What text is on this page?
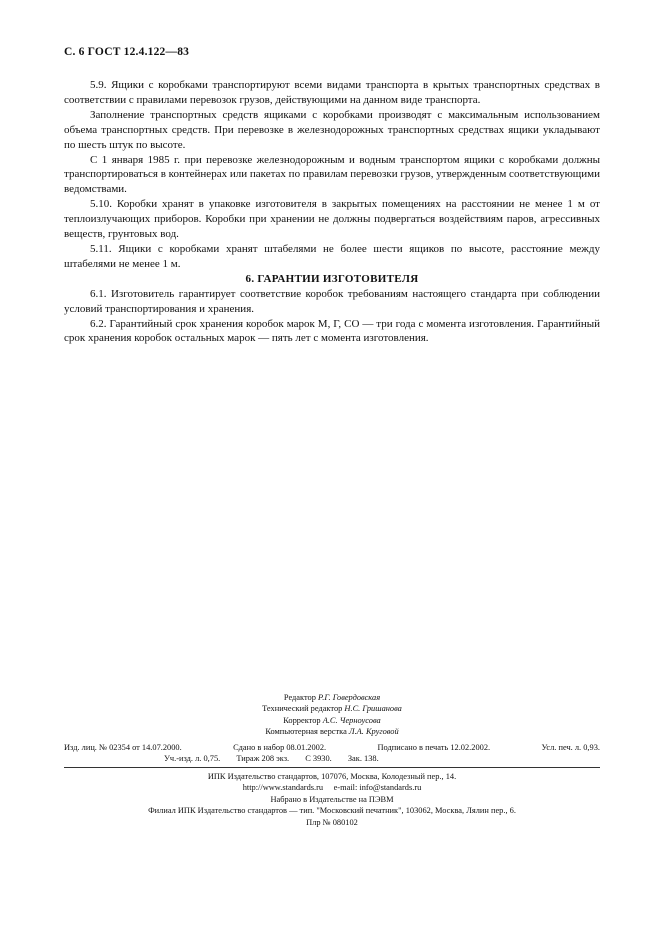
С. 6 ГОСТ 12.4.122—83

5.9. Ящики с коробками транспортируют всеми видами транспорта в крытых транспортных средствах в соответствии с правилами перевозок грузов, действующими на данном виде транспорта.

Заполнение транспортных средств ящиками с коробками производят с максимальным использованием объема транспортных средств. При перевозке в железнодорожных транспортных средствах ящики укладывают по шесть штук по высоте.

С 1 января 1985 г. при перевозке железнодорожным и водным транспортом ящики с коробками должны транспортироваться в контейнерах или пакетах по правилам перевозки грузов, утвержденным соответствующими ведомствами.

5.10. Коробки хранят в упаковке изготовителя в закрытых помещениях на расстоянии не менее 1 м от теплоизлучающих приборов. Коробки при хранении не должны подвергаться воздействиям паров, агрессивных веществ, грунтовых вод.

5.11. Ящики с коробками хранят штабелями не более шести ящиков по высоте, расстояние между штабелями не менее 1 м.

6. ГАРАНТИИ ИЗГОТОВИТЕЛЯ

6.1. Изготовитель гарантирует соответствие коробок требованиям настоящего стандарта при соблюдении условий транспортирования и хранения.

6.2. Гарантийный срок хранения коробок марок М, Г, СО — три года с момента изготовления. Гарантийный срок хранения коробок остальных марок — пять лет с момента изготовления.

Редактор Р.Г. Говердовская
Технический редактор Н.С. Гришанова
Корректор А.С. Черноусова
Компьютерная верстка Л.А. Круговой
Изд. лиц. № 02354 от 14.07.2000.	Сдано в набор 08.01.2002.	Подписано в печать 12.02.2002.	Усл. печ. л. 0,93.
Уч.-изд. л. 0,75. Тираж 208 экз. С 3930. Зак. 138.
ИПК Издательство стандартов, 107076, Москва, Колодезный пер., 14.
http://www.standards.ru     e-mail: info@standards.ru
Набрано в Издательстве на ПЭВМ
Филиал ИПК Издательство стандартов — тип. "Московский печатник", 103062, Москва, Лялин пер., 6.
Плр № 080102
